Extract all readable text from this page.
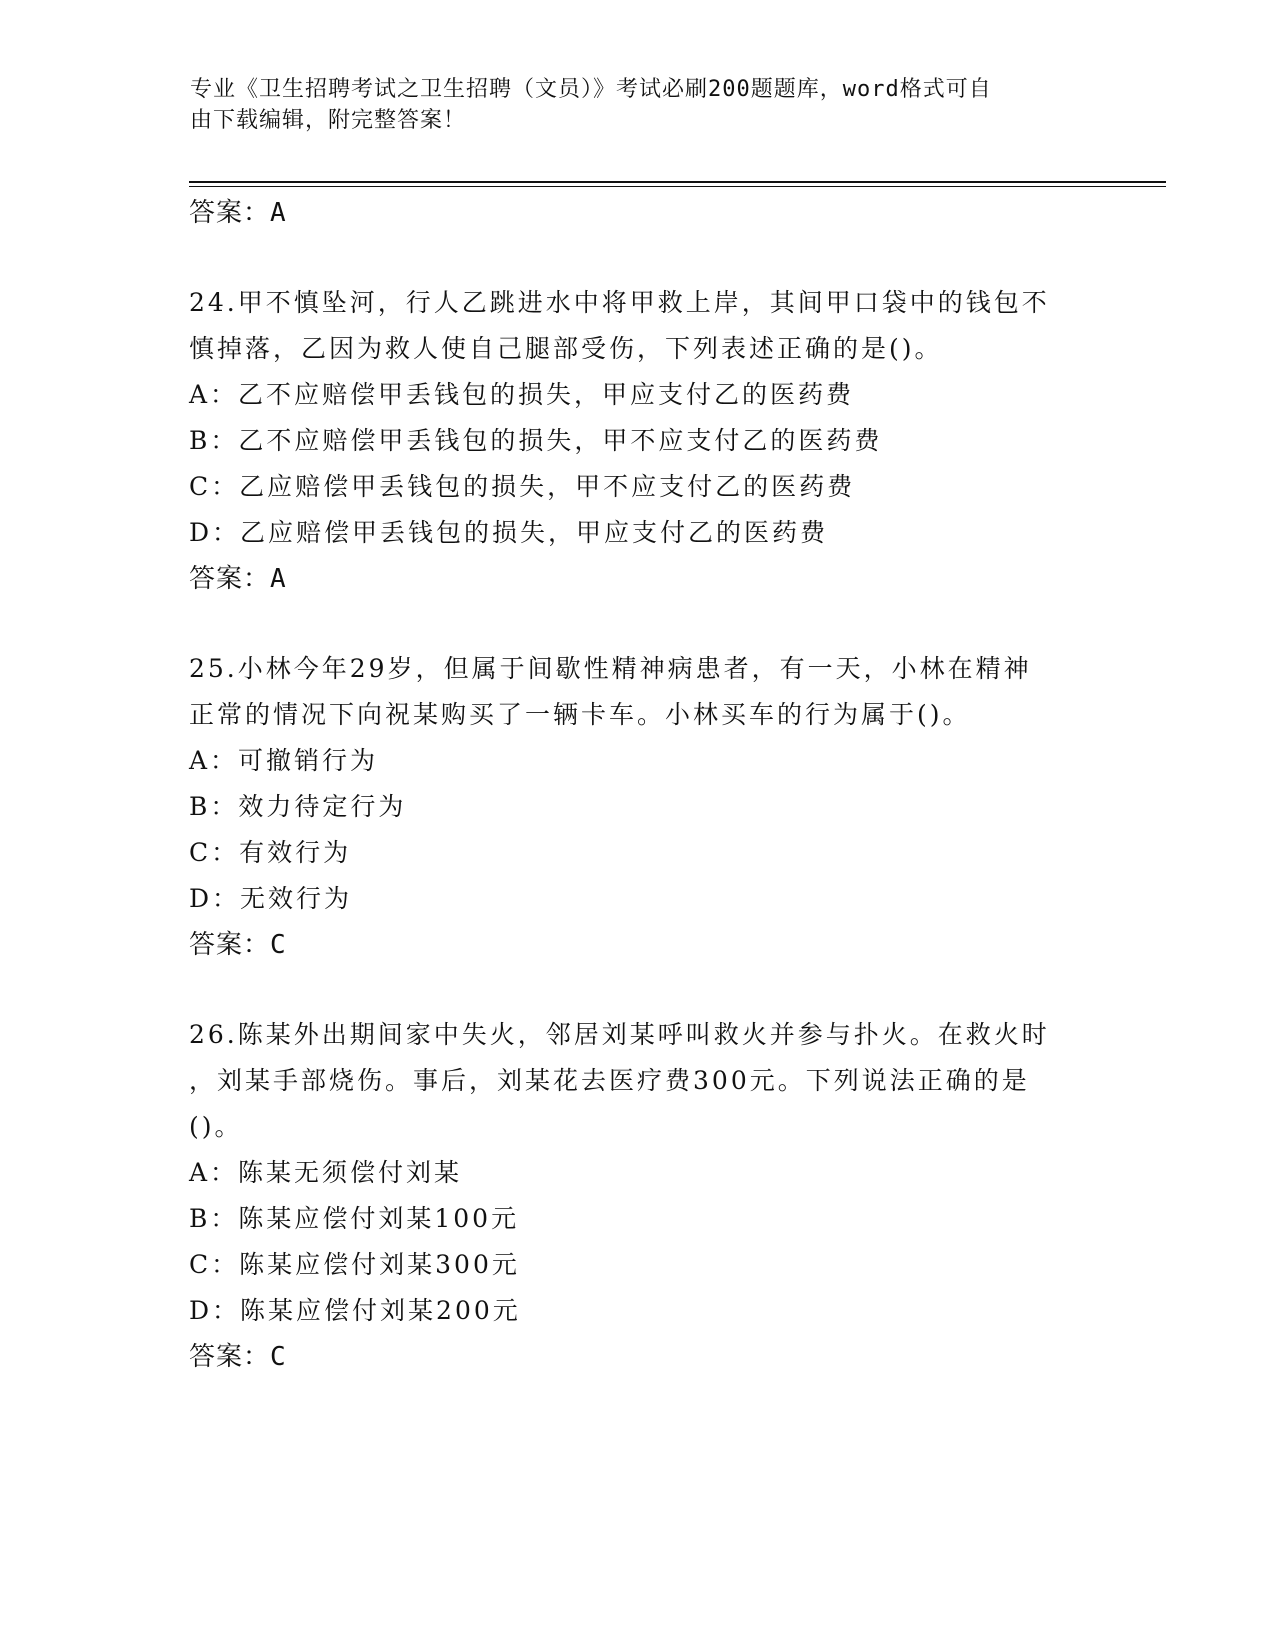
专业《卫生招聘考试之卫生招聘（文员）》考试必刷200题题库，word格式可自
由下载编辑，附完整答案！
答案：A
24.甲不慎坠河，行人乙跳进水中将甲救上岸，其间甲口袋中的钱包不
慎掉落，乙因为救人使自己腿部受伤，下列表述正确的是()。
A：乙不应赔偿甲丢钱包的损失，甲应支付乙的医药费
B：乙不应赔偿甲丢钱包的损失，甲不应支付乙的医药费
C：乙应赔偿甲丢钱包的损失，甲不应支付乙的医药费
D：乙应赔偿甲丢钱包的损失，甲应支付乙的医药费
答案：A
25.小林今年29岁，但属于间歇性精神病患者，有一天，小林在精神
正常的情况下向祝某购买了一辆卡车。小林买车的行为属于()。
A：可撤销行为
B：效力待定行为
C：有效行为
D：无效行为
答案：C
26.陈某外出期间家中失火，邻居刘某呼叫救火并参与扑火。在救火时
，刘某手部烧伤。事后，刘某花去医疗费300元。下列说法正确的是
()。
A：陈某无须偿付刘某
B：陈某应偿付刘某100元
C：陈某应偿付刘某300元
D：陈某应偿付刘某200元
答案：C
